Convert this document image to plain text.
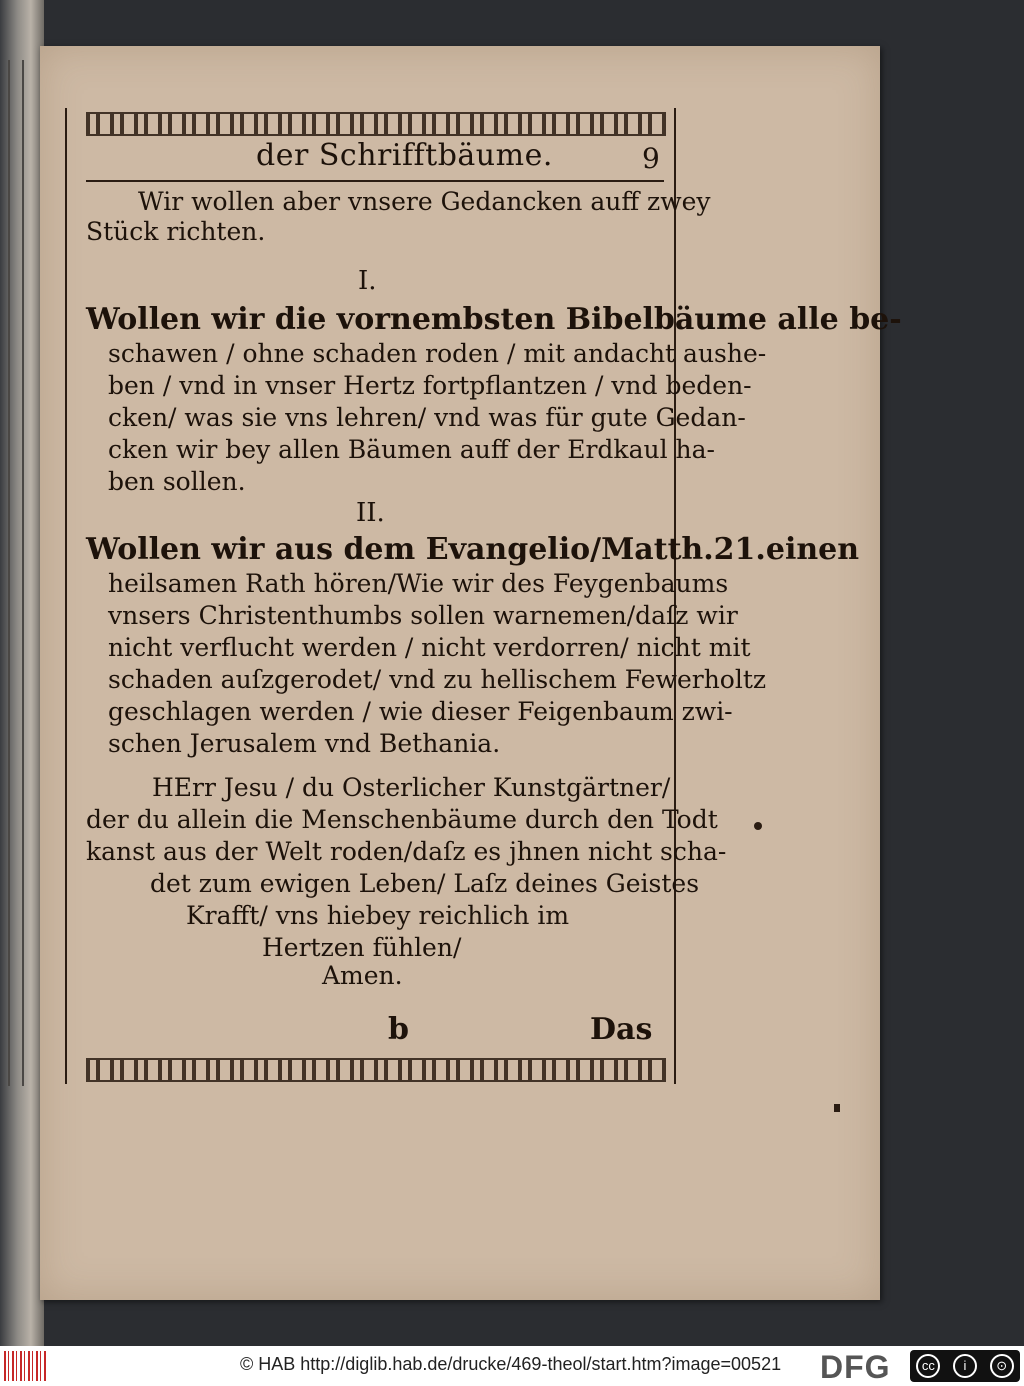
der Schrifftbäume.	9
Wir wollen aber vnsere Gedancken auff zwey
Stück richten.
I.
Wollen wir die vornembsten Bibelbäume alle be-
schawen / ohne schaden roden / mit andacht aushe-
ben / vnd in vnser Hertz fortpflantzen / vnd beden-
cken/ was sie vns lehren/ vnd was für gute Gedan-
cken wir bey allen Bäumen auff der Erdkaul ha-
ben sollen.
II.
Wollen wir aus dem Evangelio/Matth.21.einen
heilsamen Rath hören/Wie wir des Feygenbaums
vnsers Christenthumbs sollen warnemen/daſz wir
nicht verflucht werden / nicht verdorren/ nicht mit
schaden auſzgerodet/ vnd zu hellischem Fewerholtz
geschlagen werden / wie dieser Feigenbaum zwi-
schen Jerusalem vnd Bethania.
HErr Jesu / du Osterlicher Kunstgärtner/
der du allein die Menschenbäume durch den Todt
kanst aus der Welt roden/daſz es jhnen nicht scha-
det zum ewigen Leben/ Laſz deines Geistes
Krafft/ vns hiebey reichlich im
Hertzen fühlen/
Amen.
b	Das
© HAB http://diglib.hab.de/drucke/469-theol/start.htm?image=00521 DFG	cc	i	⊙
